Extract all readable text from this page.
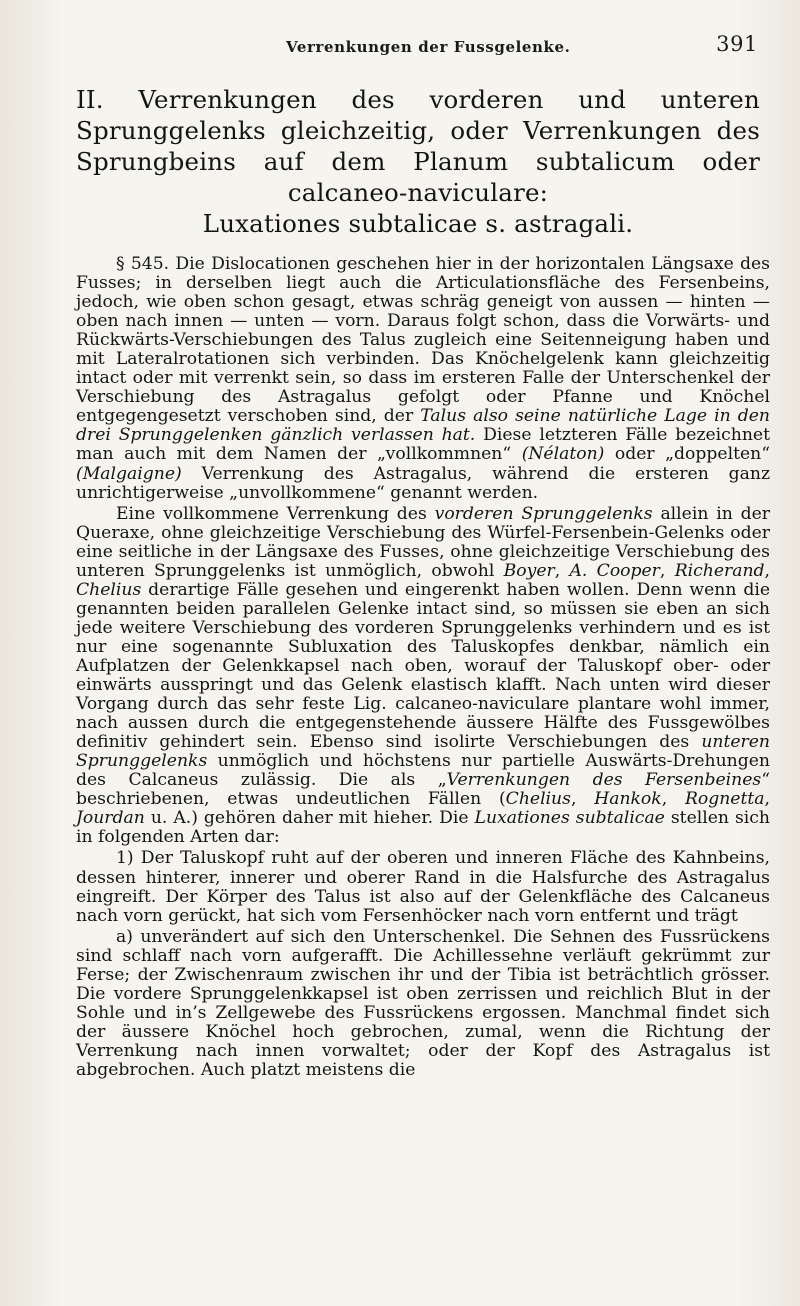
Verrenkungen der Fussgelenke.	391
II. Verrenkungen des vorderen und unteren Sprunggelenks gleichzeitig, oder Verrenkungen des Sprungbeins auf dem Planum subtalicum oder calcaneo-naviculare:
Luxationes subtalicae s. astragali.

§ 545. Die Dislocationen geschehen hier in der horizontalen Längsaxe des Fusses; in derselben liegt auch die Articulationsfläche des Fersenbeins, jedoch, wie oben schon gesagt, etwas schräg geneigt von aussen — hinten — oben nach innen — unten — vorn. Daraus folgt schon, dass die Vorwärts- und Rückwärts-Verschiebungen des Talus zugleich eine Seitenneigung haben und mit Lateralrotationen sich verbinden. Das Knöchelgelenk kann gleichzeitig intact oder mit verrenkt sein, so dass im ersteren Falle der Unterschenkel der Verschiebung des Astragalus gefolgt oder Pfanne und Knöchel entgegengesetzt verschoben sind, der Talus also seine natürliche Lage in den drei Sprunggelenken gänzlich verlassen hat. Diese letzteren Fälle bezeichnet man auch mit dem Namen der „vollkommnen“ (Nélaton) oder „doppelten“ (Malgaigne) Verrenkung des Astragalus, während die ersteren ganz unrichtigerweise „unvollkommene“ genannt werden.

Eine vollkommene Verrenkung des vorderen Sprunggelenks allein in der Queraxe, ohne gleichzeitige Verschiebung des Würfel-Fersenbein-Gelenks oder eine seitliche in der Längsaxe des Fusses, ohne gleichzeitige Verschiebung des unteren Sprunggelenks ist unmöglich, obwohl Boyer, A. Cooper, Richerand, Chelius derartige Fälle gesehen und eingerenkt haben wollen. Denn wenn die genannten beiden parallelen Gelenke intact sind, so müssen sie eben an sich jede weitere Verschiebung des vorderen Sprunggelenks verhindern und es ist nur eine sogenannte Subluxation des Taluskopfes denkbar, nämlich ein Aufplatzen der Gelenkkapsel nach oben, worauf der Taluskopf ober- oder einwärts ausspringt und das Gelenk elastisch klafft. Nach unten wird dieser Vorgang durch das sehr feste Lig. calcaneo-naviculare plantare wohl immer, nach aussen durch die entgegenstehende äussere Hälfte des Fussgewölbes definitiv gehindert sein. Ebenso sind isolirte Verschiebungen des unteren Sprunggelenks unmöglich und höchstens nur partielle Auswärts-Drehungen des Calcaneus zulässig. Die als „Verrenkungen des Fersenbeines“ beschriebenen, etwas undeutlichen Fällen (Chelius, Hankok, Rognetta, Jourdan u. A.) gehören daher mit hieher. Die Luxationes subtalicae stellen sich in folgenden Arten dar:

1) Der Taluskopf ruht auf der oberen und inneren Fläche des Kahnbeins, dessen hinterer, innerer und oberer Rand in die Halsfurche des Astragalus eingreift. Der Körper des Talus ist also auf der Gelenkfläche des Calcaneus nach vorn gerückt, hat sich vom Fersenhöcker nach vorn entfernt und trägt

a) unverändert auf sich den Unterschenkel. Die Sehnen des Fussrückens sind schlaff nach vorn aufgerafft. Die Achillessehne verläuft gekrümmt zur Ferse; der Zwischenraum zwischen ihr und der Tibia ist beträchtlich grösser. Die vordere Sprunggelenkkapsel ist oben zerrissen und reichlich Blut in der Sohle und in’s Zellgewebe des Fussrückens ergossen. Manchmal findet sich der äussere Knöchel hoch gebrochen, zumal, wenn die Richtung der Verrenkung nach innen vorwaltet; oder der Kopf des Astragalus ist abgebrochen. Auch platzt meistens die
